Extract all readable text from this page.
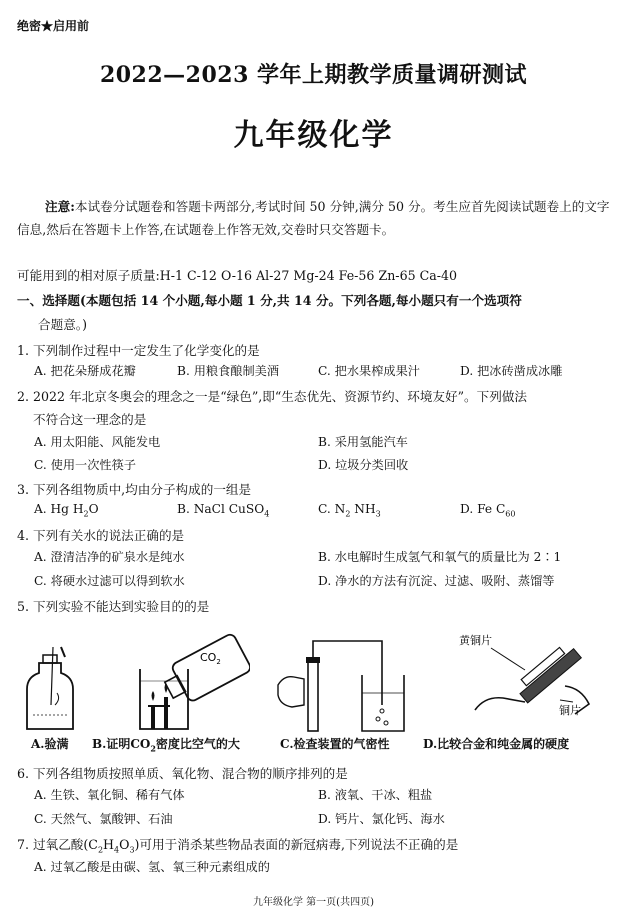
绝密★启用前
2022—2023 学年上期教学质量调研测试
九年级化学
注意:本试卷分试题卷和答题卡两部分,考试时间 50 分钟,满分 50 分。考生应首先阅读试题卷上的文字信息,然后在答题卡上作答,在试题卷上作答无效,交卷时只交答题卡。
可能用到的相对原子质量:H-1 C-12 O-16 Al-27 Mg-24 Fe-56 Zn-65 Ca-40
一、选择题(本题包括 14 个小题,每小题 1 分,共 14 分。下列各题,每小题只有一个选项符
合题意。)
1. 下列制作过程中一定发生了化学变化的是
A. 把花朵掰成花瓣	B. 用粮食酿制美酒	C. 把水果榨成果汁	D. 把冰砖凿成冰雕
2. 2022 年北京冬奥会的理念之一是“绿色”,即“生态优先、资源节约、环境友好”。下列做法
不符合这一理念的是
A. 用太阳能、风能发电	B. 采用氢能汽车
C. 使用一次性筷子	D. 垃圾分类回收
3. 下列各组物质中,均由分子构成的一组是
A. Hg $H_2O$	B. NaCl CuSO$_4$	C. $N_2$ $NH_3$	D. Fe $C_{60}$
4. 下列有关水的说法正确的是
A. 澄清洁净的矿泉水是纯水	B. 水电解时生成氢气和氧气的质量比为 2∶1
C. 将硬水过滤可以得到软水	D. 净水的方法有沉淀、过滤、吸附、蒸馏等
5. 下列实验不能达到实验目的的是
$CO_2$
黄铜片
铜片
A.验满 B.证明$CO_2$密度比空气的大	C.检查装置的气密性	D.比较合金和纯金属的硬度
6. 下列各组物质按照单质、氧化物、混合物的顺序排列的是
A. 生铁、氧化铜、稀有气体	B. 液氧、干冰、粗盐
C. 天然气、氯酸钾、石油	D. 钙片、氯化钙、海水
7. 过氧乙酸$(C_2H_4O_3)$可用于消杀某些物品表面的新冠病毒,下列说法不正确的是
A. 过氧乙酸是由碳、氢、氧三种元素组成的
九年级化学 第一页(共四页)
